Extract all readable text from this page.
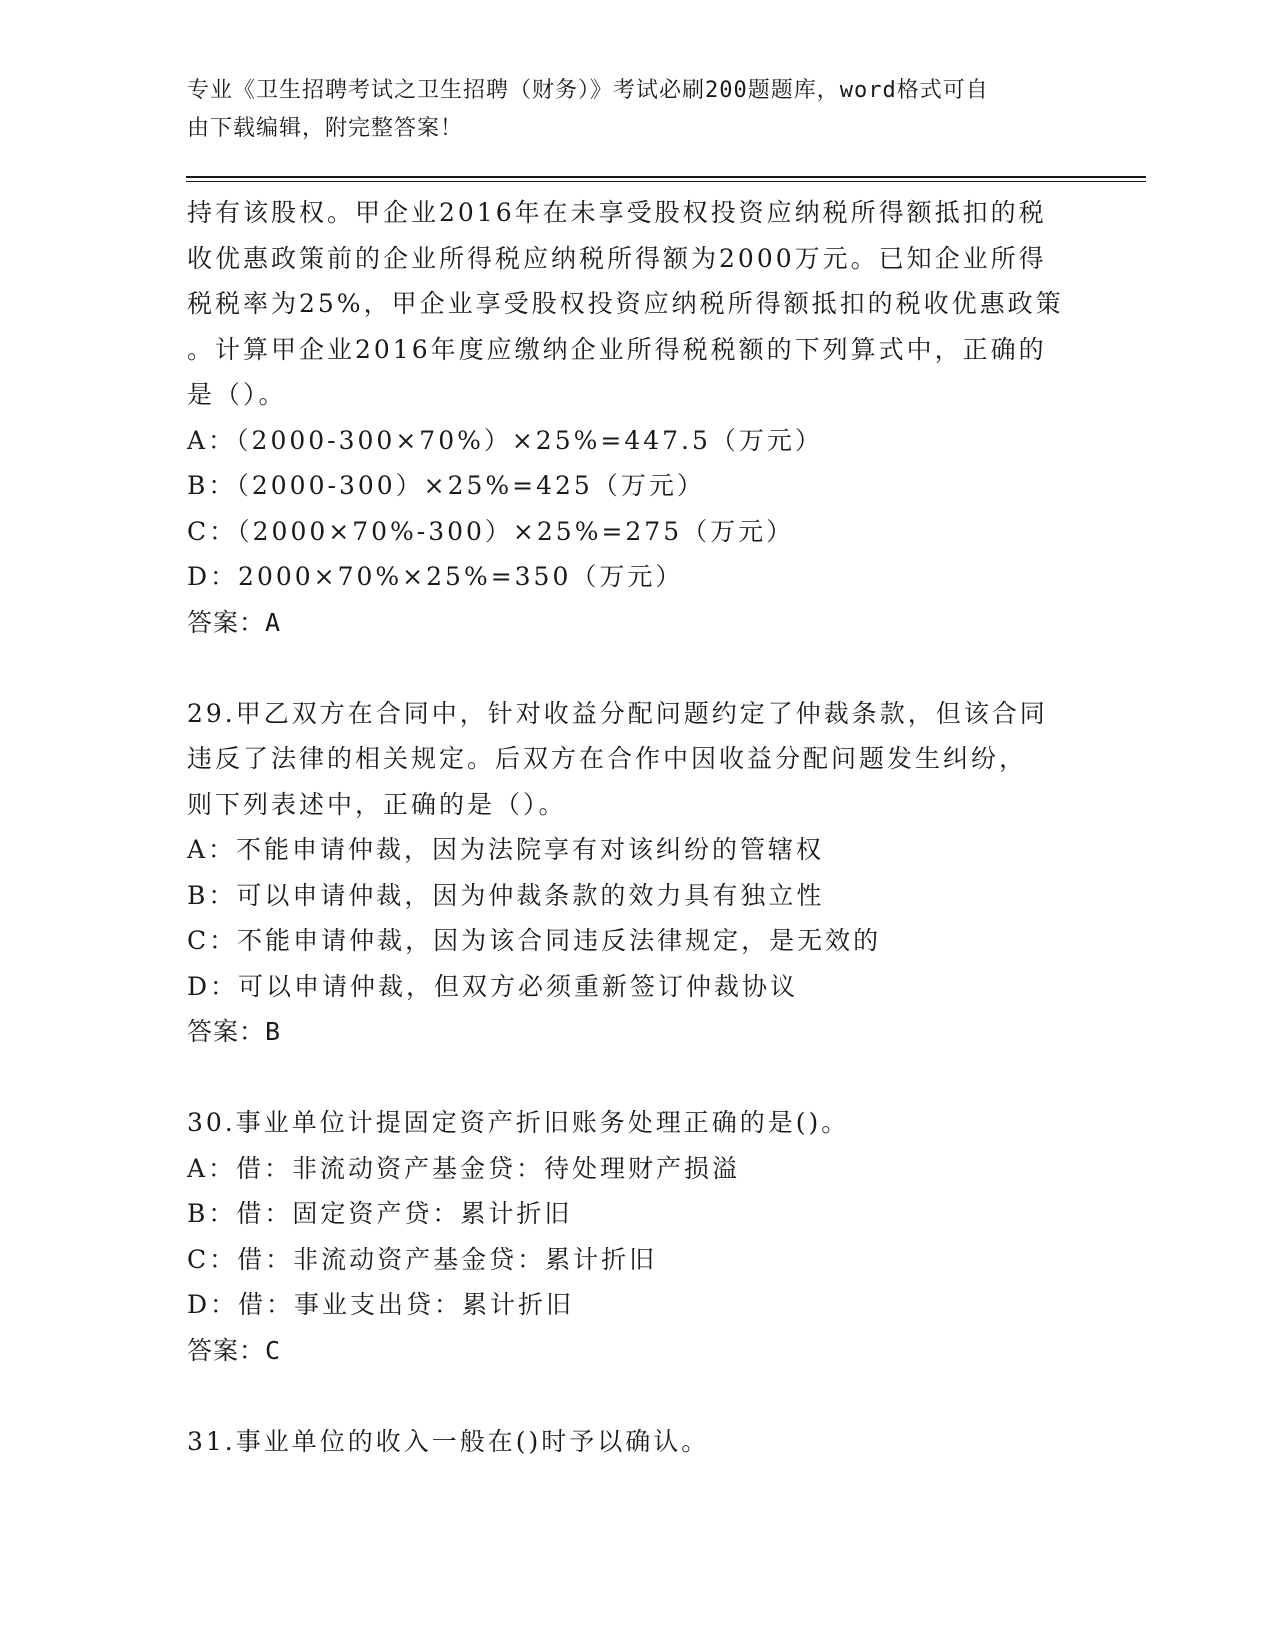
专业《卫生招聘考试之卫生招聘（财务）》考试必刷200题题库，word格式可自
由下载编辑，附完整答案！
持有该股权。甲企业2016年在未享受股权投资应纳税所得额抵扣的税
收优惠政策前的企业所得税应纳税所得额为2000万元。已知企业所得
税税率为25%，甲企业享受股权投资应纳税所得额抵扣的税收优惠政策
。计算甲企业2016年度应缴纳企业所得税税额的下列算式中，正确的
是（）。
A：（2000-300×70%）×25%=447.5（万元）
B：（2000-300）×25%=425（万元）
C：（2000×70%-300）×25%=275（万元）
D：2000×70%×25%=350（万元）
答案：A
29.甲乙双方在合同中，针对收益分配问题约定了仲裁条款，但该合同
违反了法律的相关规定。后双方在合作中因收益分配问题发生纠纷，
则下列表述中，正确的是（）。
A：不能申请仲裁，因为法院享有对该纠纷的管辖权
B：可以申请仲裁，因为仲裁条款的效力具有独立性
C：不能申请仲裁，因为该合同违反法律规定，是无效的
D：可以申请仲裁，但双方必须重新签订仲裁协议
答案：B
30.事业单位计提固定资产折旧账务处理正确的是()。
A：借：非流动资产基金贷：待处理财产损溢
B：借：固定资产贷：累计折旧
C：借：非流动资产基金贷：累计折旧
D：借：事业支出贷：累计折旧
答案：C
31.事业单位的收入一般在()时予以确认。
